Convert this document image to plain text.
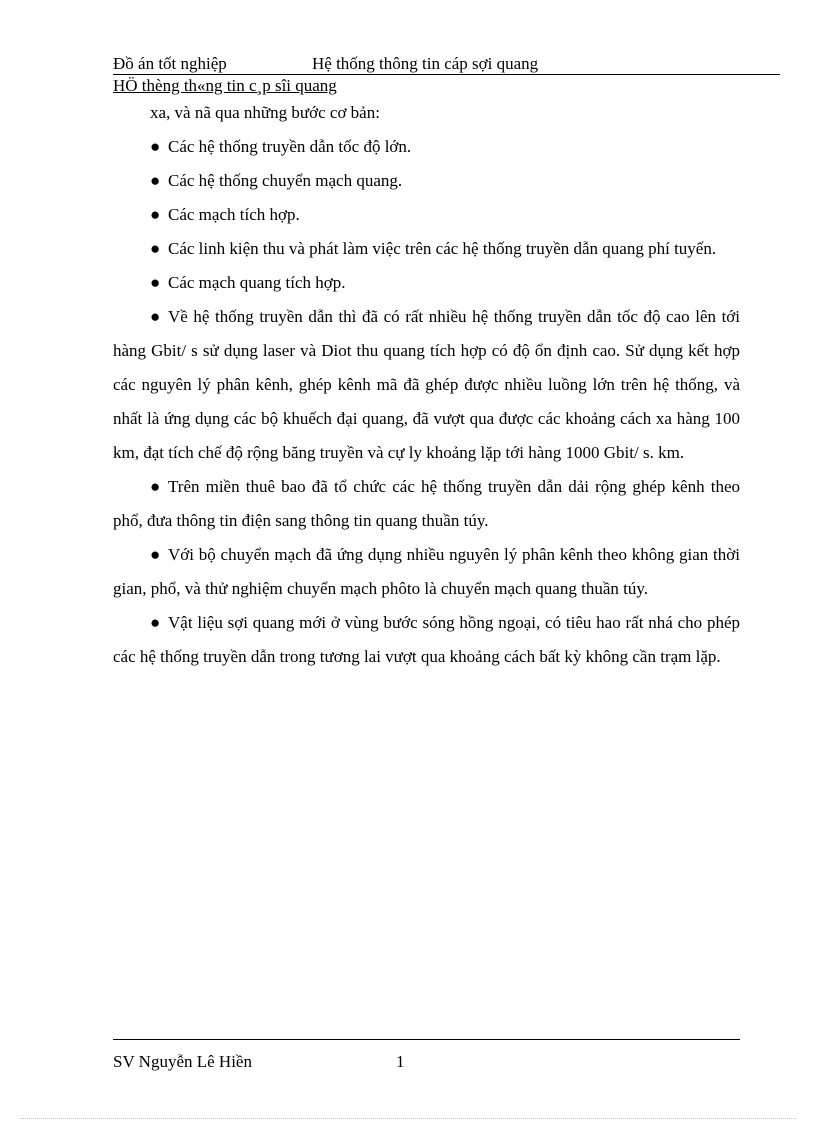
Đồ án tốt nghiệp	Hệ thống thông tin cáp sợi quang
HÖ thèng th«ng tin c¸p sîi quang

xa, và nã qua những bước cơ bản:

● Các hệ thống truyền dẫn tốc độ lớn.

● Các hệ thống chuyển mạch quang.

● Các mạch tích hợp.

● Các linh kiện thu và phát làm việc trên các hệ thống truyền dẫn quang phí tuyến.

● Các mạch quang tích hợp.

● Về hệ thống truyền dẫn thì đã có rất nhiều hệ thống truyền dẫn tốc độ cao lên tới hàng Gbit/ s sử dụng laser và Diot thu quang tích hợp có độ ổn định cao. Sử dụng kết hợp các nguyên lý phân kênh, ghép kênh mã đã ghép được nhiều luồng lớn trên hệ thống, và nhất là ứng dụng các bộ khuếch đại quang, đã vượt qua được các khoảng cách xa hàng 100 km, đạt tích chế độ rộng băng truyền và cự ly khoảng lặp tới hàng 1000 Gbit/ s. km.

● Trên miền thuê bao đã tổ chức các hệ thống truyền dẫn dải rộng ghép kênh theo phổ, đưa thông tin điện sang thông tin quang thuần túy.

● Với bộ chuyển mạch đã ứng dụng nhiều nguyên lý phân kênh theo không gian thời gian, phổ, và thử nghiệm chuyển mạch phôto là chuyển mạch quang thuần túy.

● Vật liệu sợi quang mới ở vùng bước sóng hồng ngoại, có tiêu hao rất nhá cho phép các hệ thống truyền dẫn trong tương lai vượt qua khoảng cách bất kỳ không cần trạm lặp.

SV Nguyễn Lê Hiền	1
